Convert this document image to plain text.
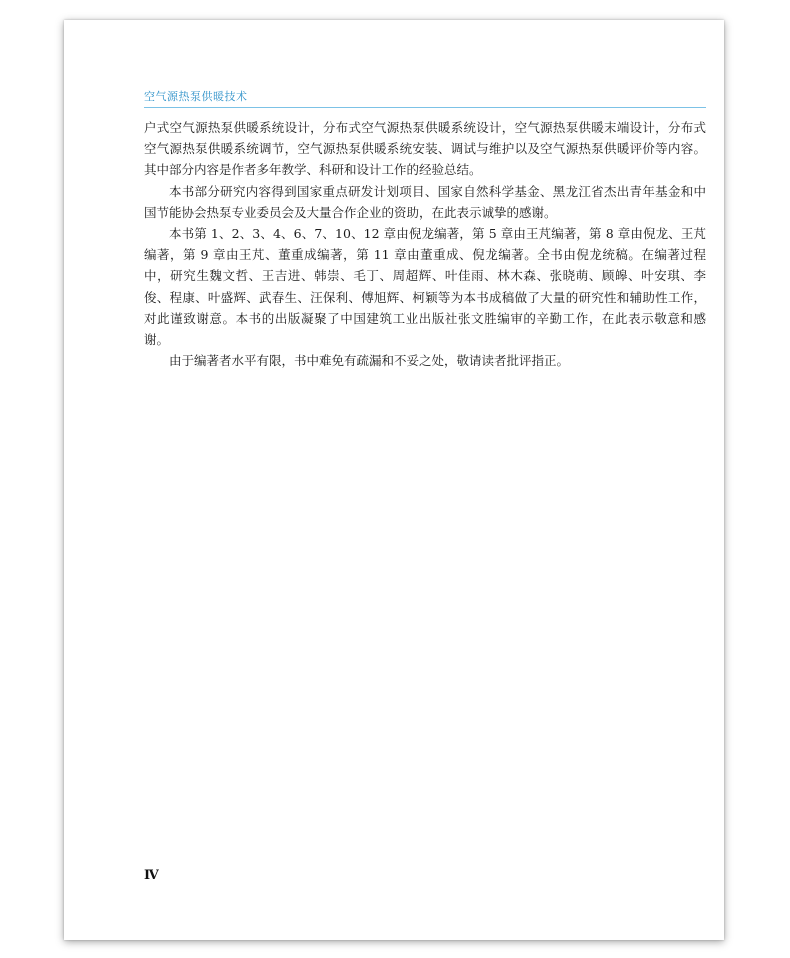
空气源热泵供暖技术

户式空气源热泵供暖系统设计，分布式空气源热泵供暖系统设计，空气源热泵供暖末端设计，分布式空气源热泵供暖系统调节，空气源热泵供暖系统安装、调试与维护以及空气源热泵供暖评价等内容。其中部分内容是作者多年教学、科研和设计工作的经验总结。

本书部分研究内容得到国家重点研发计划项目、国家自然科学基金、黑龙江省杰出青年基金和中国节能协会热泵专业委员会及大量合作企业的资助，在此表示诚挚的感谢。

本书第 1、2、3、4、6、7、10、12 章由倪龙编著，第 5 章由王芃编著，第 8 章由倪龙、王芃编著，第 9 章由王芃、董重成编著，第 11 章由董重成、倪龙编著。全书由倪龙统稿。在编著过程中，研究生魏文哲、王吉进、韩崇、毛丁、周超辉、叶佳雨、林木森、张晓萌、顾皞、叶安琪、李俊、程康、叶盛辉、武春生、汪保利、傅旭辉、柯颖等为本书成稿做了大量的研究性和辅助性工作，对此谨致谢意。本书的出版凝聚了中国建筑工业出版社张文胜编审的辛勤工作，在此表示敬意和感谢。

由于编著者水平有限，书中难免有疏漏和不妥之处，敬请读者批评指正。

Ⅳ
